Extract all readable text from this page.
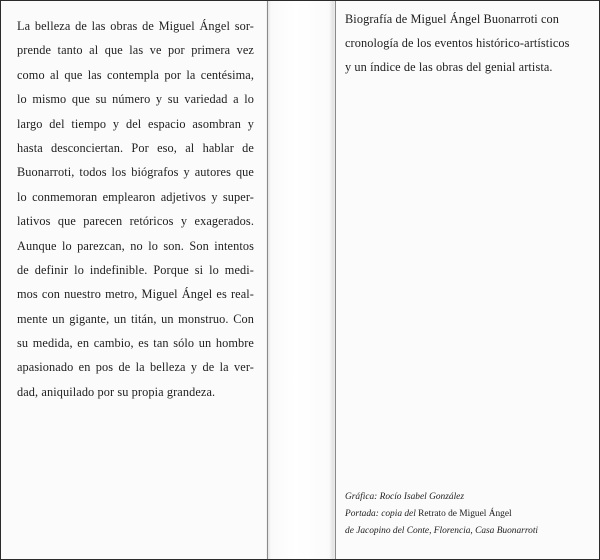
La belleza de las obras de Miguel Ángel sor-
prende tanto al que las ve por primera vez
como al que las contempla por la centésima,
lo mismo que su número y su variedad a lo
largo del tiempo y del espacio asombran y
hasta desconciertan. Por eso, al hablar de
Buonarroti, todos los biógrafos y autores que
lo conmemoran emplearon adjetivos y super-
lativos que parecen retóricos y exagerados.
Aunque lo parezcan, no lo son. Son intentos
de definir lo indefinible. Porque si lo medi-
mos con nuestro metro, Miguel Ángel es real-
mente un gigante, un titán, un monstruo. Con
su medida, en cambio, es tan sólo un hombre
apasionado en pos de la belleza y de la ver-
dad, aniquilado por su propia grandeza.
Biografía de Miguel Ángel Buonarroti con
cronología de los eventos histórico-artísticos
y un índice de las obras del genial artista.
Gráfica: Rocío Isabel González
Portada: copia del Retrato de Miguel Ángel
de Jacopino del Conte, Florencia, Casa Buonarroti
